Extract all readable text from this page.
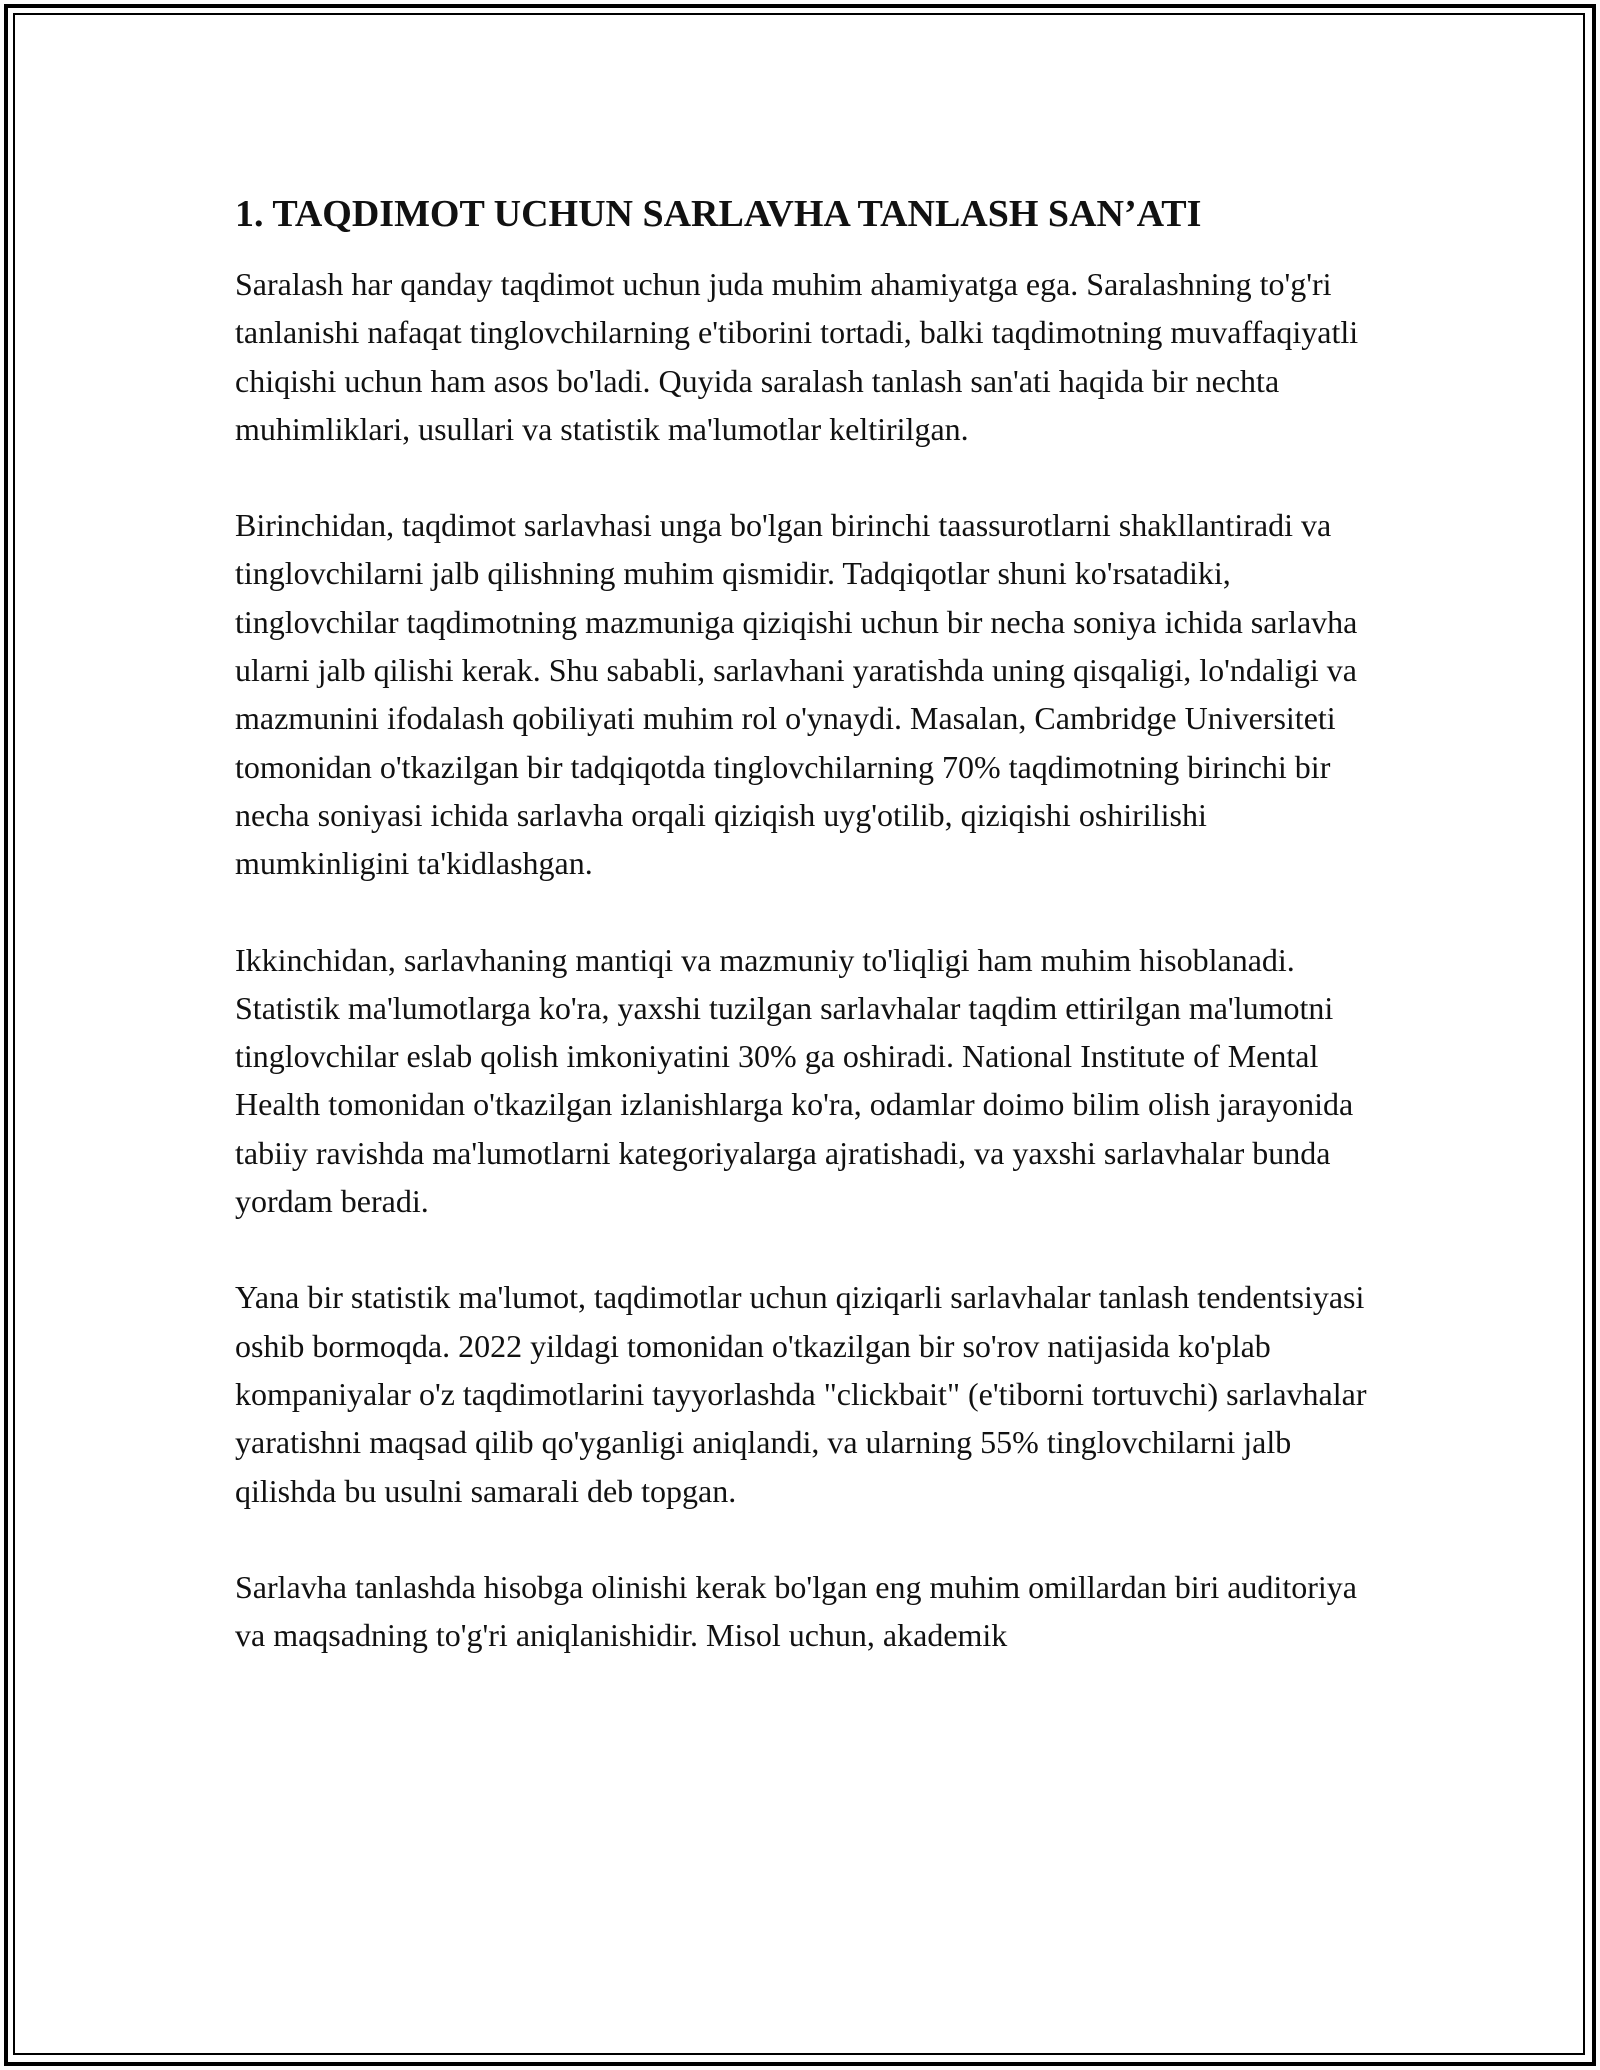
1. TAQDIMOT UCHUN SARLAVHA TANLASH SAN’ATI

Saralash har qanday taqdimot uchun juda muhim ahamiyatga ega. Saralashning to'g'ri tanlanishi nafaqat tinglovchilarning e'tiborini tortadi, balki taqdimotning muvaffaqiyatli chiqishi uchun ham asos bo'ladi. Quyida saralash tanlash san'ati haqida bir nechta muhimliklari, usullari va statistik ma'lumotlar keltirilgan.

Birinchidan, taqdimot sarlavhasi unga bo'lgan birinchi taassurotlarni shakllantiradi va tinglovchilarni jalb qilishning muhim qismidir. Tadqiqotlar shuni ko'rsatadiki, tinglovchilar taqdimotning mazmuniga qiziqishi uchun bir necha soniya ichida sarlavha ularni jalb qilishi kerak. Shu sababli, sarlavhani yaratishda uning qisqaligi, lo'ndaligi va mazmunini ifodalash qobiliyati muhim rol o'ynaydi. Masalan, Cambridge Universiteti tomonidan o'tkazilgan bir tadqiqotda tinglovchilarning 70% taqdimotning birinchi bir necha soniyasi ichida sarlavha orqali qiziqish uyg'otilib, qiziqishi oshirilishi mumkinligini ta'kidlashgan.

Ikkinchidan, sarlavhaning mantiqi va mazmuniy to'liqligi ham muhim hisoblanadi. Statistik ma'lumotlarga ko'ra, yaxshi tuzilgan sarlavhalar taqdim ettirilgan ma'lumotni tinglovchilar eslab qolish imkoniyatini 30% ga oshiradi. National Institute of Mental Health tomonidan o'tkazilgan izlanishlarga ko'ra, odamlar doimo bilim olish jarayonida tabiiy ravishda ma'lumotlarni kategoriyalarga ajratishadi, va yaxshi sarlavhalar bunda yordam beradi.

Yana bir statistik ma'lumot, taqdimotlar uchun qiziqarli sarlavhalar tanlash tendentsiyasi oshib bormoqda. 2022 yildagi tomonidan o'tkazilgan bir so'rov natijasida ko'plab kompaniyalar o'z taqdimotlarini tayyorlashda "clickbait" (e'tiborni tortuvchi) sarlavhalar yaratishni maqsad qilib qo'yganligi aniqlandi, va ularning 55% tinglovchilarni jalb qilishda bu usulni samarali deb topgan.

Sarlavha tanlashda hisobga olinishi kerak bo'lgan eng muhim omillardan biri auditoriya va maqsadning to'g'ri aniqlanishidir. Misol uchun, akademik
